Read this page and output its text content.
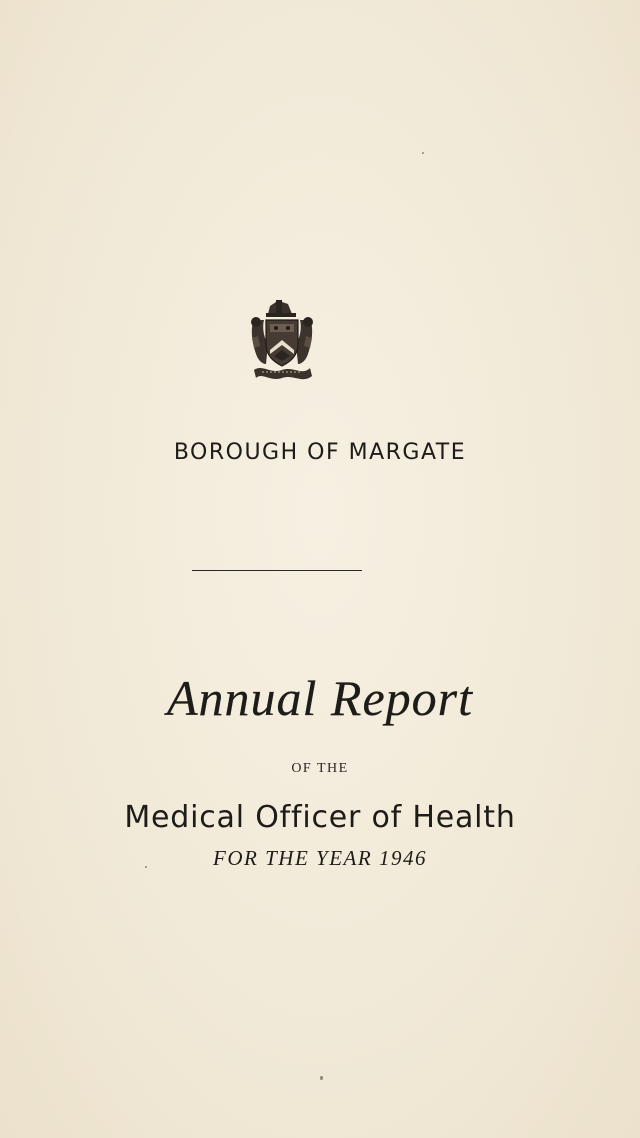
BOROUGH OF MARGATE
Annual Report
OF THE
Medical Officer of Health
FOR THE YEAR 1946
